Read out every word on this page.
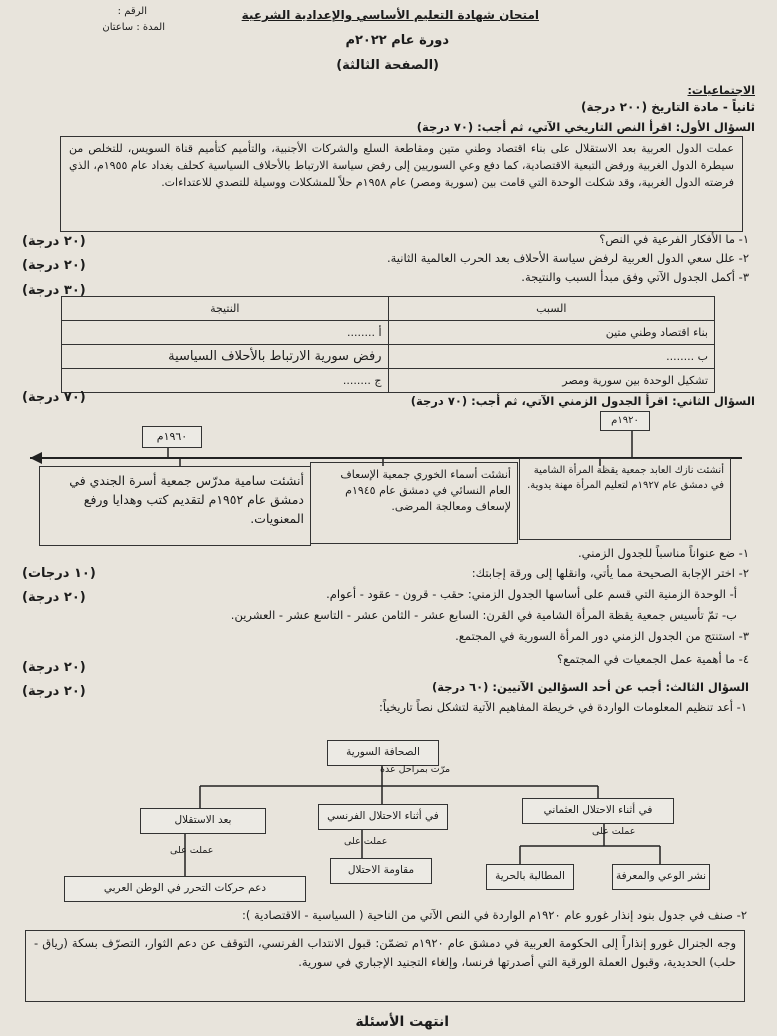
الرقم :
المدة : ساعتان
امتحان شهادة التعليم الأساسي والإعدادية الشرعية
دورة عام ٢٠٢٢م
(الصفحة الثالثة)
الاجتماعيات:
ثانياً - مادة التاريخ (٢٠٠ درجة)
السؤال الأول: اقرأ النص التاريخي الآتي، ثم أجب: (٧٠ درجة)
عملت الدول العربية بعد الاستقلال على بناء اقتصاد وطني متين ومقاطعة السلع والشركات الأجنبية، والتأميم كتأميم قناة السويس، للتخلص من سيطرة الدول الغربية ورفض التبعية الاقتصادية، كما دفع وعي السوريين إلى رفض سياسة الارتباط بالأحلاف السياسية كحلف بغداد عام ١٩٥٥م، الذي فرضته الدول الغربية، وقد شكلت الوحدة التي قامت بين (سورية ومصر) عام ١٩٥٨م حلاً للمشكلات ووسيلة للتصدي للاعتداءات.
١- ما الأفكار الفرعية في النص؟
(٢٠ درجة)
٢- علل سعي الدول العربية لرفض سياسة الأحلاف بعد الحرب العالمية الثانية.
(٢٠ درجة)
٣- أكمل الجدول الآتي وفق مبدأ السبب والنتيجة.
(٣٠ درجة)
السبب	النتيجة
بناء اقتصاد وطني متين	أ ........
ب ........	رفض سورية الارتباط بالأحلاف السياسية
تشكيل الوحدة بين سورية ومصر	ج ........
السؤال الثاني: اقرأ الجدول الزمني الآتي، ثم أجب: (٧٠ درجة)
(٧٠ درجة)
١٩٦٠م
١٩٢٠م
أنشئت سامية مدرّس جمعية أسرة الجندي في دمشق عام ١٩٥٢م لتقديم كتب وهدايا ورفع المعنويات.
أنشئت أسماء الخوري جمعية الإسعاف العام النسائي في دمشق عام ١٩٤٥م لإسعاف ومعالجة المرضى.
أنشئت نازك العابد جمعية يقظة المرأة الشامية في دمشق عام ١٩٢٧م لتعليم المرأة مهنة يدوية.
١- ضع عنواناً مناسباً للجدول الزمني.
٢- اختر الإجابة الصحيحة مما يأتي، وانقلها إلى ورقة إجابتك:
(١٠ درجات)
(٢٠ درجة)	أ- الوحدة الزمنية التي قسم على أساسها الجدول الزمني: حقب - قرون - عقود - أعوام.
ب- تمّ تأسيس جمعية يقظة المرأة الشامية في القرن: السابع عشر - الثامن عشر - التاسع عشر - العشرين.
٣- استنتج من الجدول الزمني دور المرأة السورية في المجتمع.
٤- ما أهمية عمل الجمعيات في المجتمع؟
(٢٠ درجة)
(٢٠ درجة)	السؤال الثالث: أجب عن أحد السؤالين الآتيين: (٦٠ درجة)
١- أعد تنظيم المعلومات الواردة في خريطة المفاهيم الآتية لتشكل نصاً تاريخياً:
الصحافة السورية
مرّت بمراحل عدة
بعد الاستقلال	في أثناء الاحتلال الفرنسي	في أثناء الاحتلال العثماني
عملت على
عملت على
عملت على
دعم حركات التحرر في الوطن العربي
مقاومة الاحتلال	المطالبة بالحرية	نشر الوعي والمعرفة
٢- صنف في جدول بنود إنذار غورو عام ١٩٢٠م الواردة في النص الآتي من الناحية ( السياسية - الاقتصادية ):
وجه الجنرال غورو إنذاراً إلى الحكومة العربية في دمشق عام ١٩٢٠م تضمّن: قبول الانتداب الفرنسي، التوقف عن دعم الثوار، التصرّف بسكة (رياق - حلب) الحديدية، وقبول العملة الورقية التي أصدرتها فرنسا، وإلغاء التجنيد الإجباري في سورية.
انتهت الأسئلة
